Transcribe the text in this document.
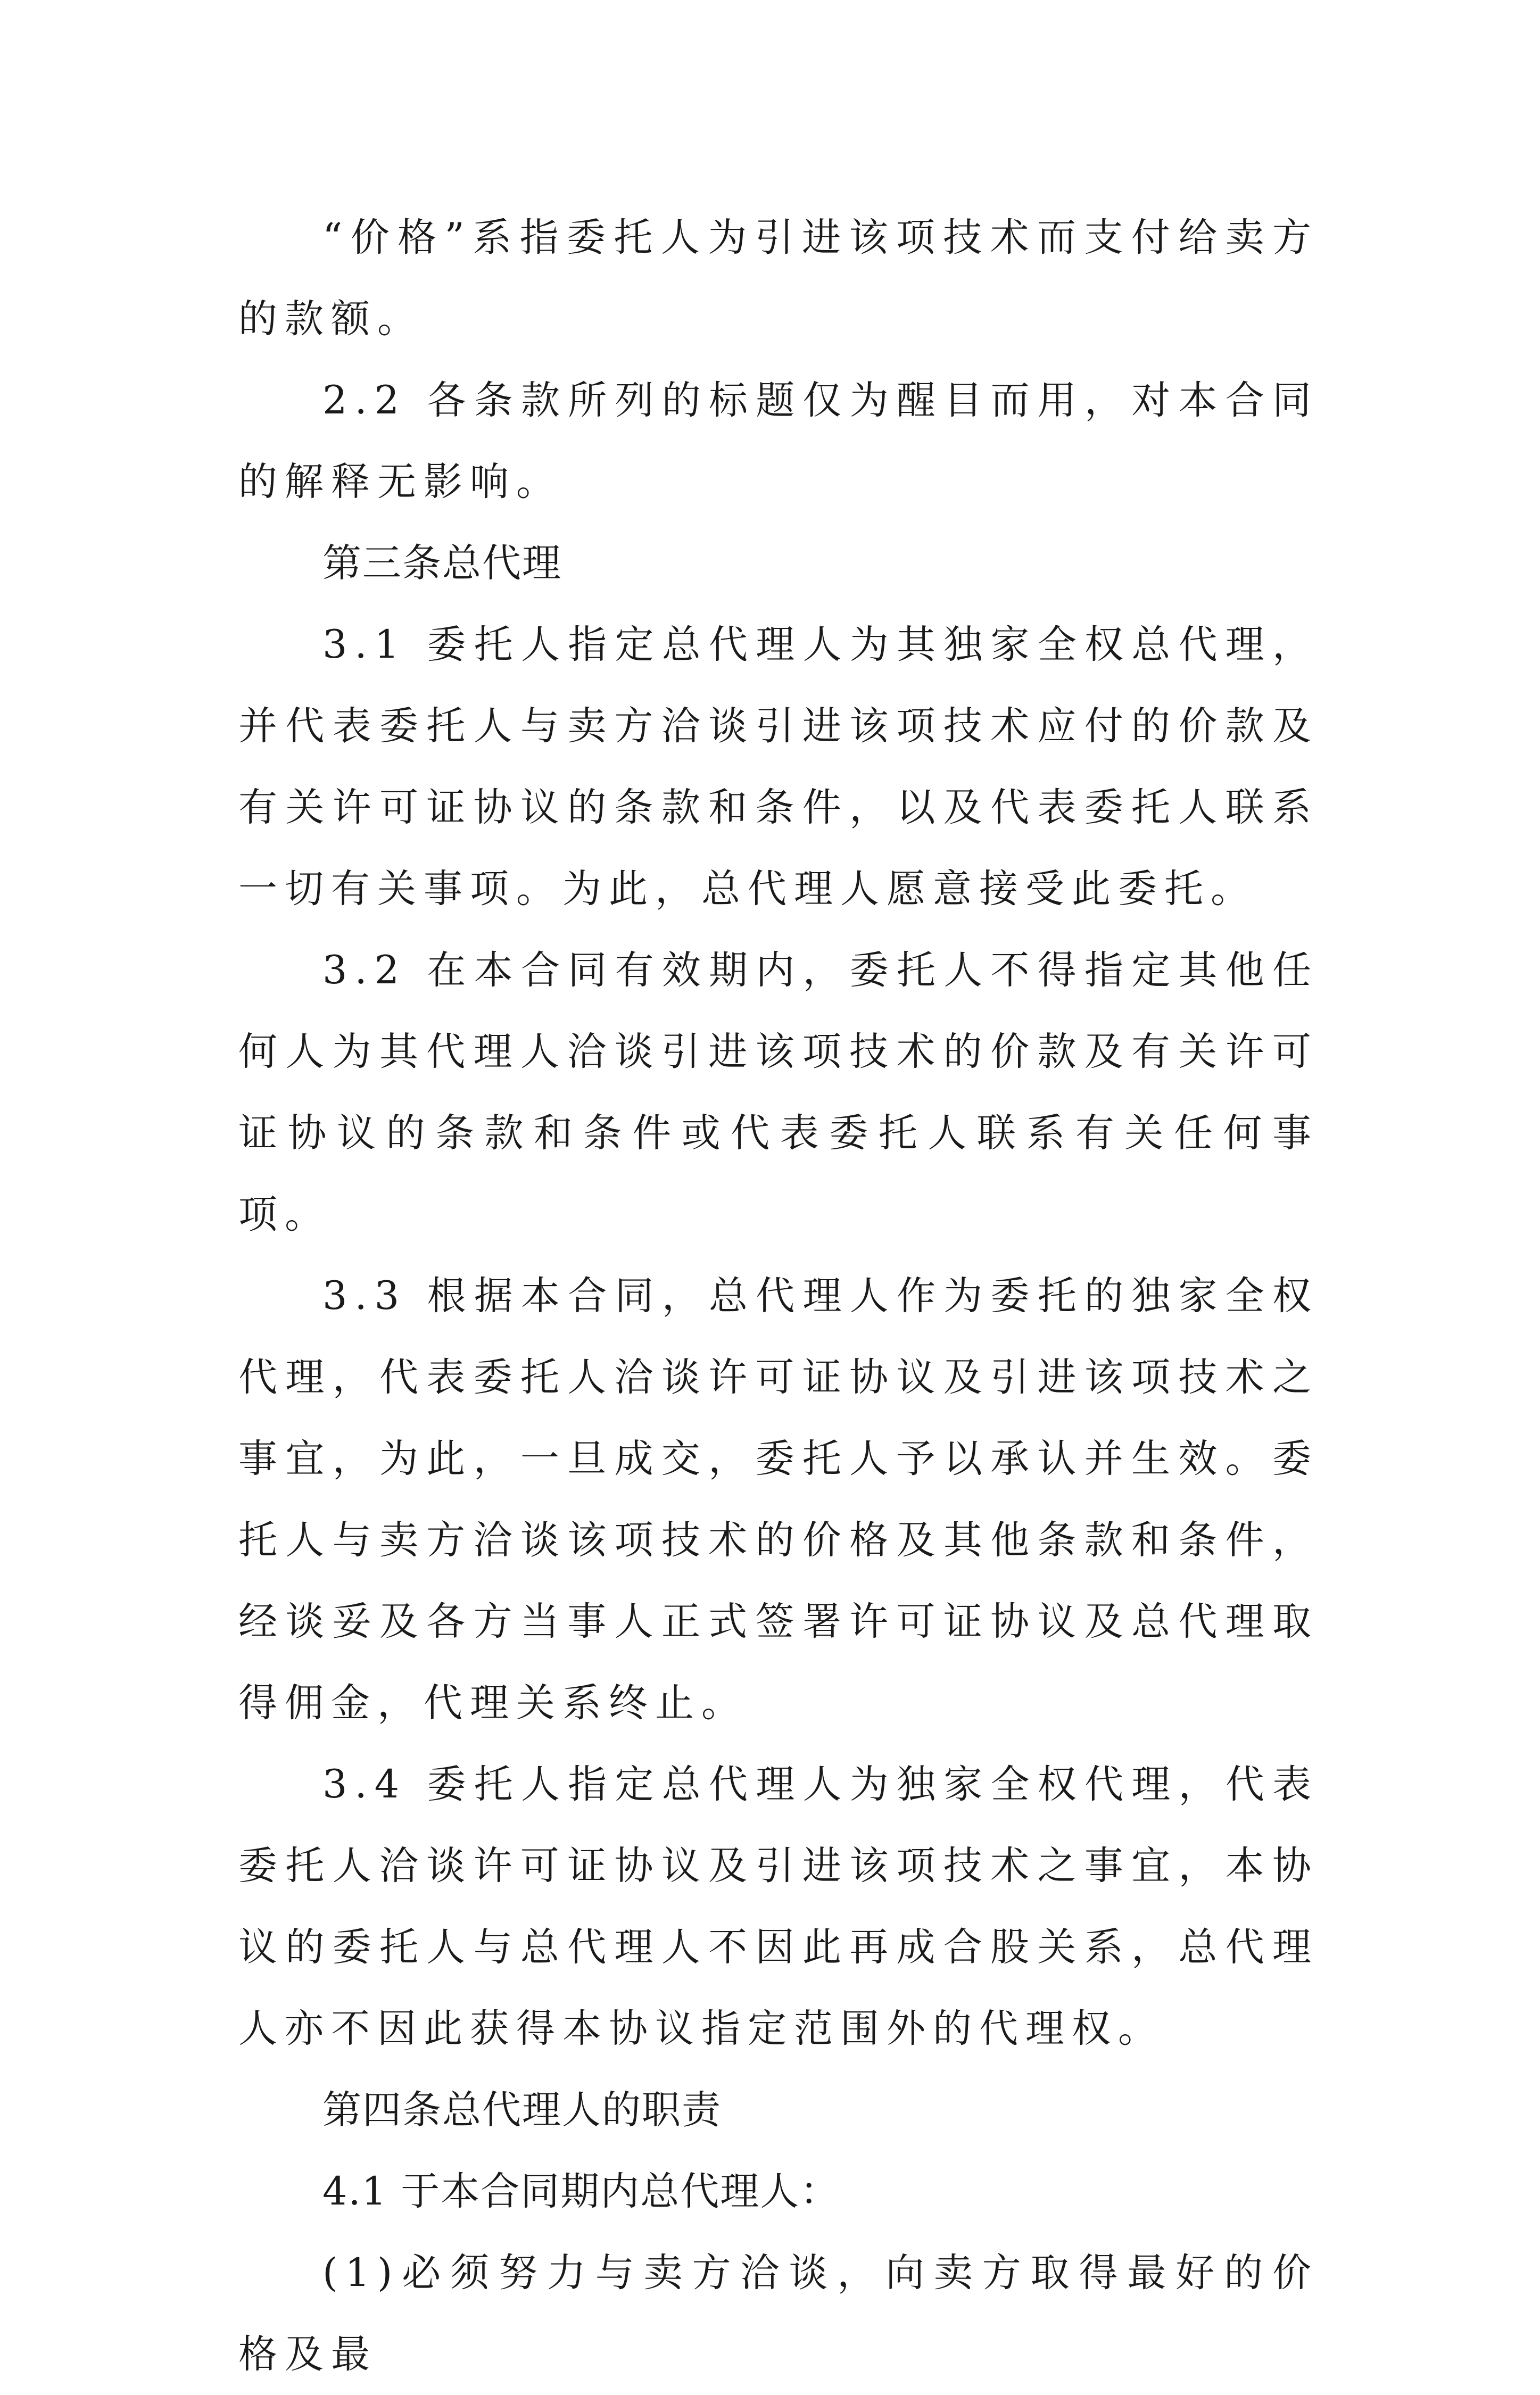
“价格”系指委托人为引进该项技术而支付给卖方的款额。

2.2 各条款所列的标题仅为醒目而用，对本合同的解释无影响。

第三条总代理

3.1 委托人指定总代理人为其独家全权总代理，并代表委托人与卖方洽谈引进该项技术应付的价款及有关许可证协议的条款和条件，以及代表委托人联系一切有关事项。为此，总代理人愿意接受此委托。

3.2 在本合同有效期内，委托人不得指定其他任何人为其代理人洽谈引进该项技术的价款及有关许可证协议的条款和条件或代表委托人联系有关任何事项。

3.3 根据本合同，总代理人作为委托的独家全权代理，代表委托人洽谈许可证协议及引进该项技术之事宜，为此，一旦成交，委托人予以承认并生效。委托人与卖方洽谈该项技术的价格及其他条款和条件，经谈妥及各方当事人正式签署许可证协议及总代理取得佣金，代理关系终止。

3.4 委托人指定总代理人为独家全权代理，代表委托人洽谈许可证协议及引进该项技术之事宜，本协议的委托人与总代理人不因此再成合股关系，总代理人亦不因此获得本协议指定范围外的代理权。

第四条总代理人的职责

4.1 于本合同期内总代理人：

(1)必须努力与卖方洽谈，向卖方取得最好的价格及最
